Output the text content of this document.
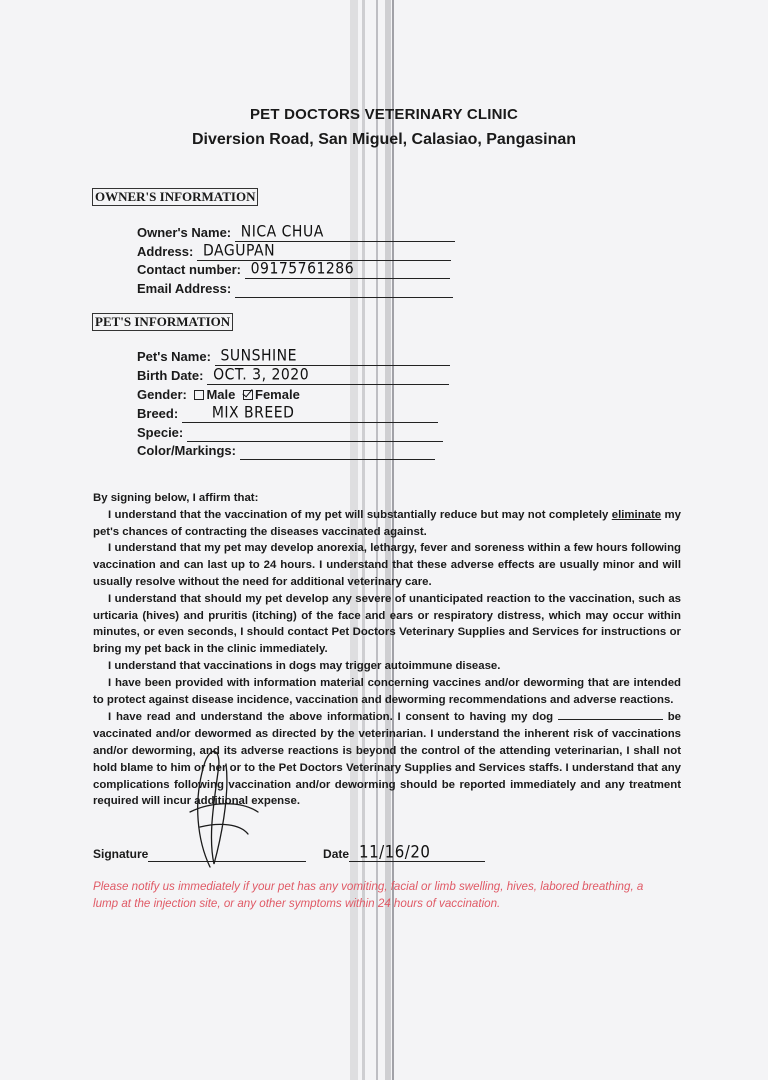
PET DOCTORS VETERINARY CLINIC
Diversion Road, San Miguel, Calasiao, Pangasinan
OWNER'S INFORMATION
Owner's Name: NICA CHUA
Address: DAGUPAN
Contact number: 09175761286
Email Address:
PET'S INFORMATION
Pet's Name: SUNSHINE
Birth Date: OCT. 3, 2020
Gender: Male Female
Breed: MIX BREED
Specie:
Color/Markings:

By signing below, I affirm that:

I understand that the vaccination of my pet will substantially reduce but may not completely eliminate my pet's chances of contracting the diseases vaccinated against.

I understand that my pet may develop anorexia, lethargy, fever and soreness within a few hours following vaccination and can last up to 24 hours. I understand that these adverse effects are usually minor and will usually resolve without the need for additional veterinary care.

I understand that should my pet develop any severe of unanticipated reaction to the vaccination, such as urticaria (hives) and pruritis (itching) of the face and ears or respiratory distress, which may occur within minutes, or even seconds, I should contact Pet Doctors Veterinary Supplies and Services for instructions or bring my pet back in the clinic immediately.

I understand that vaccinations in dogs may trigger autoimmune disease.

I have been provided with information material concerning vaccines and/or deworming that are intended to protect against disease incidence, vaccination and deworming recommendations and adverse reactions.

I have read and understand the above information. I consent to having my dog	be vaccinated and/or dewormed as directed by the veterinarian. I understand the inherent risk of vaccinations and/or deworming, and its adverse reactions is beyond the control of the attending veterinarian, I shall not hold blame to him or her or to the Pet Doctors Veterinary Supplies and Services staffs. I understand that any complications following vaccination and/or deworming should be reported immediately and any treatment required will incur additional expense.

Signature	Date 11/16/20
Please notify us immediately if your pet has any vomiting, facial or limb swelling, hives, labored breathing, a lump at the injection site, or any other symptoms within 24 hours of vaccination.
